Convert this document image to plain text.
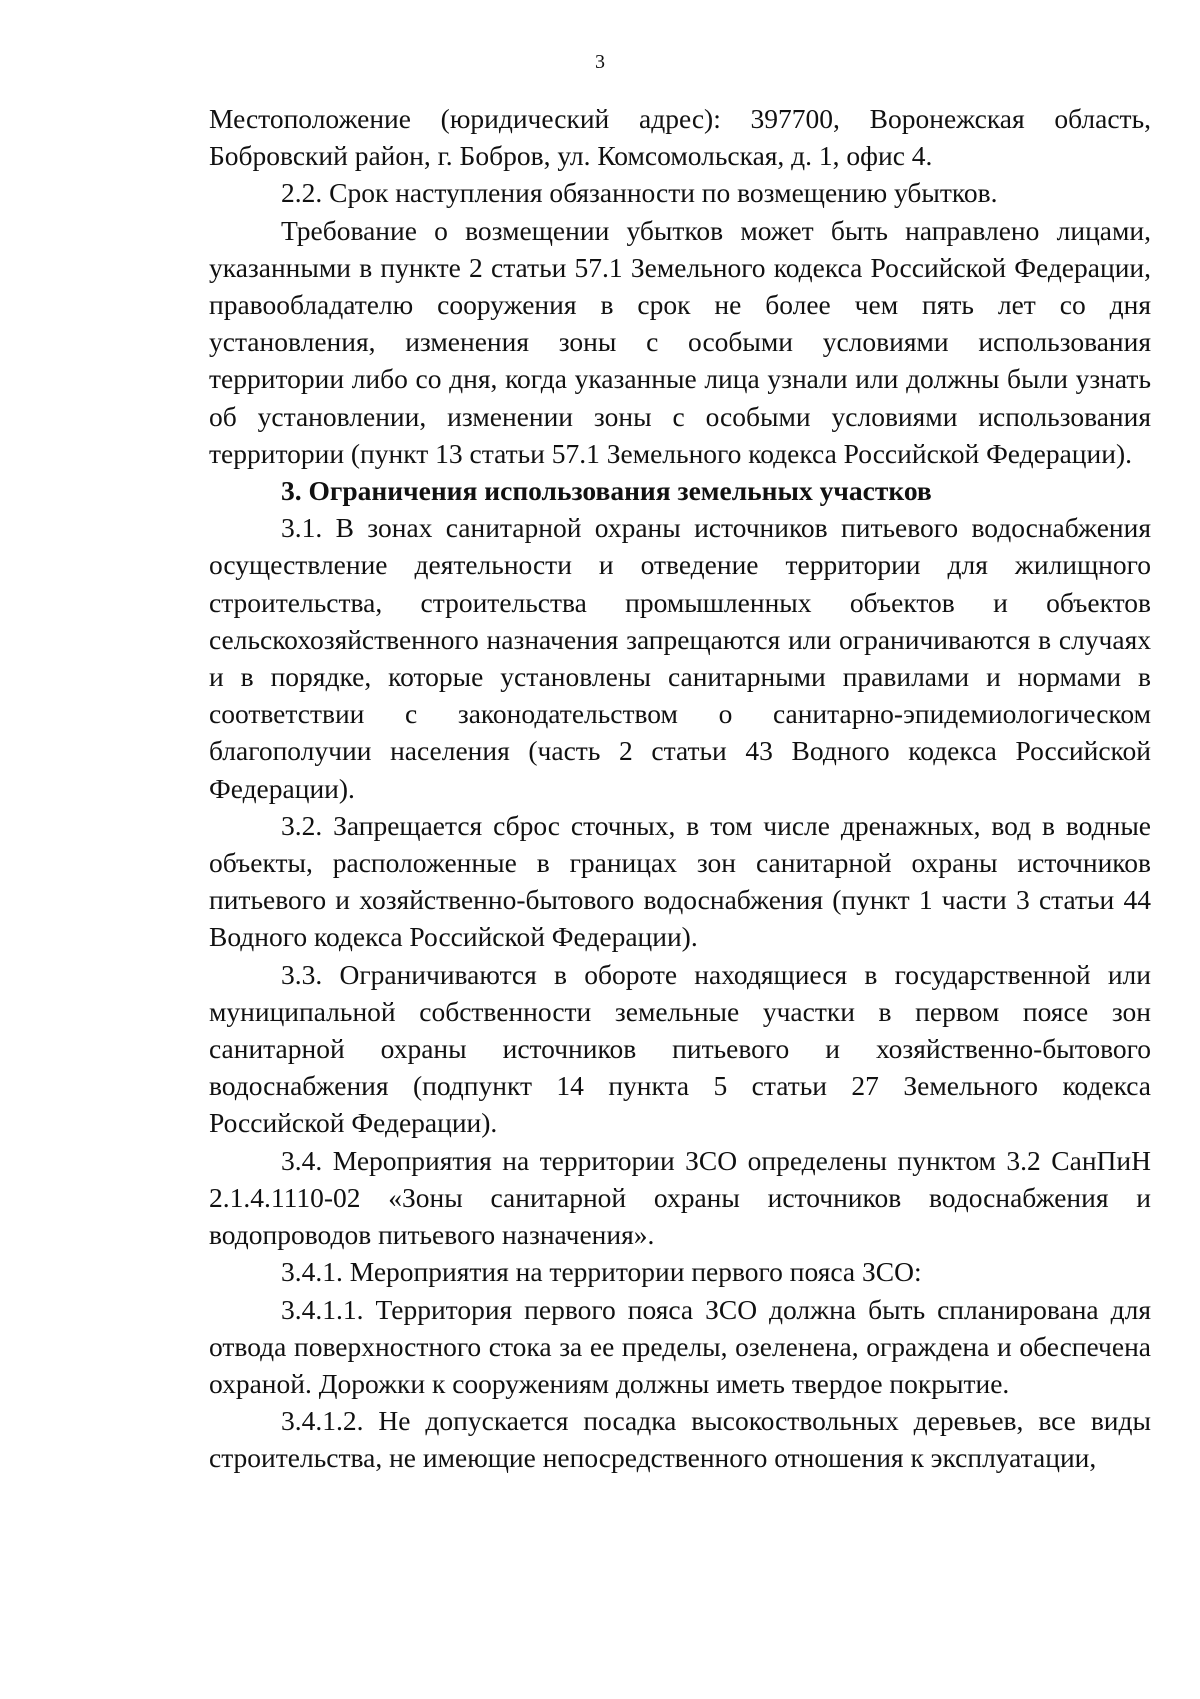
3

Местоположение (юридический адрес): 397700, Воронежская область, Бобровский район, г. Бобров, ул. Комсомольская, д. 1, офис 4.

2.2. Срок наступления обязанности по возмещению убытков.

Требование о возмещении убытков может быть направлено лицами, указанными в пункте 2 статьи 57.1 Земельного кодекса Российской Федерации, правообладателю сооружения в срок не более чем пять лет со дня установления, изменения зоны с особыми условиями использования территории либо со дня, когда указанные лица узнали или должны были узнать об установлении, изменении зоны с особыми условиями использования территории (пункт 13 статьи 57.1 Земельного кодекса Российской Федерации).

3. Ограничения использования земельных участков

3.1. В зонах санитарной охраны источников питьевого водоснабжения осуществление деятельности и отведение территории для жилищного строительства, строительства промышленных объектов и объектов сельскохозяйственного назначения запрещаются или ограничиваются в случаях и в порядке, которые установлены санитарными правилами и нормами в соответствии с законодательством о санитарно-эпидемиологическом благополучии населения (часть 2 статьи 43 Водного кодекса Российской Федерации).

3.2. Запрещается сброс сточных, в том числе дренажных, вод в водные объекты, расположенные в границах зон санитарной охраны источников питьевого и хозяйственно-бытового водоснабжения (пункт 1 части 3 статьи 44 Водного кодекса Российской Федерации).

3.3. Ограничиваются в обороте находящиеся в государственной или муниципальной собственности земельные участки в первом поясе зон санитарной охраны источников питьевого и хозяйственно-бытового водоснабжения (подпункт 14 пункта 5 статьи 27 Земельного кодекса Российской Федерации).

3.4. Мероприятия на территории ЗСО определены пунктом 3.2 СанПиН 2.1.4.1110-02 «Зоны санитарной охраны источников водоснабжения и водопроводов питьевого назначения».

3.4.1. Мероприятия на территории первого пояса ЗСО:

3.4.1.1. Территория первого пояса ЗСО должна быть спланирована для отвода поверхностного стока за ее пределы, озеленена, ограждена и обеспечена охраной. Дорожки к сооружениям должны иметь твердое покрытие.

3.4.1.2. Не допускается посадка высокоствольных деревьев, все виды строительства, не имеющие непосредственного отношения к эксплуатации,
